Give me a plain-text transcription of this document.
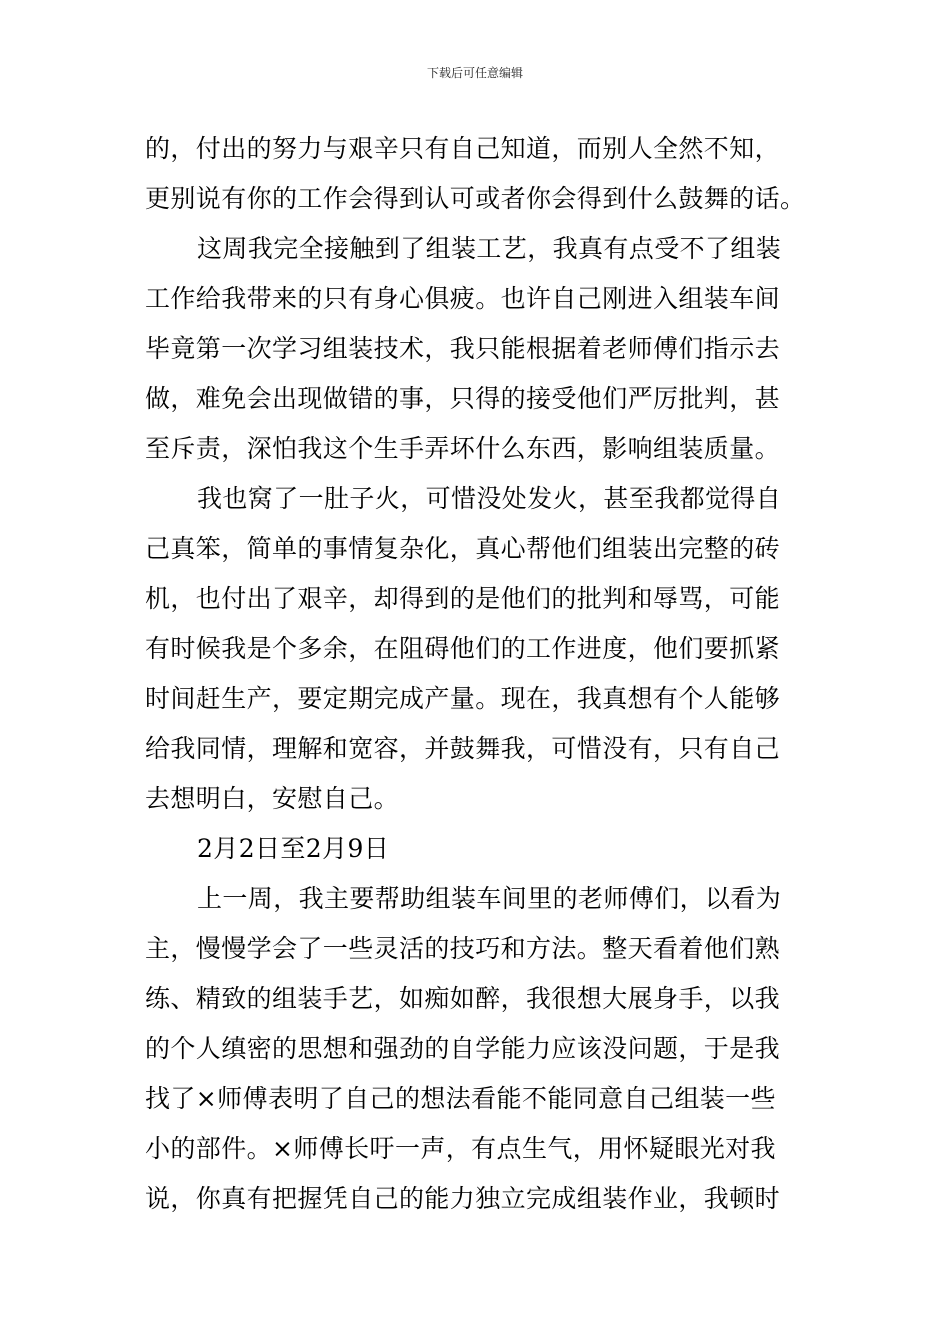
下载后可任意编辑
的，付出的努力与艰辛只有自己知道，而别人全然不知，
更别说有你的工作会得到认可或者你会得到什么鼓舞的话。
这周我完全接触到了组装工艺，我真有点受不了组装
工作给我带来的只有身心俱疲。也许自己刚进入组装车间
毕竟第一次学习组装技术，我只能根据着老师傅们指示去
做，难免会出现做错的事，只得的接受他们严厉批判，甚
至斥责，深怕我这个生手弄坏什么东西，影响组装质量。
我也窝了一肚子火，可惜没处发火，甚至我都觉得自
己真笨，简单的事情复杂化，真心帮他们组装出完整的砖
机，也付出了艰辛，却得到的是他们的批判和辱骂，可能
有时候我是个多余，在阻碍他们的工作进度，他们要抓紧
时间赶生产，要定期完成产量。现在，我真想有个人能够
给我同情，理解和宽容，并鼓舞我，可惜没有，只有自己
去想明白，安慰自己。
2月2日至2月9日
上一周，我主要帮助组装车间里的老师傅们，以看为
主，慢慢学会了一些灵活的技巧和方法。整天看着他们熟
练、精致的组装手艺，如痴如醉，我很想大展身手，以我
的个人缜密的思想和强劲的自学能力应该没问题，于是我
找了×师傅表明了自己的想法看能不能同意自己组装一些
小的部件。×师傅长吁一声，有点生气，用怀疑眼光对我
说，你真有把握凭自己的能力独立完成组装作业，我顿时
